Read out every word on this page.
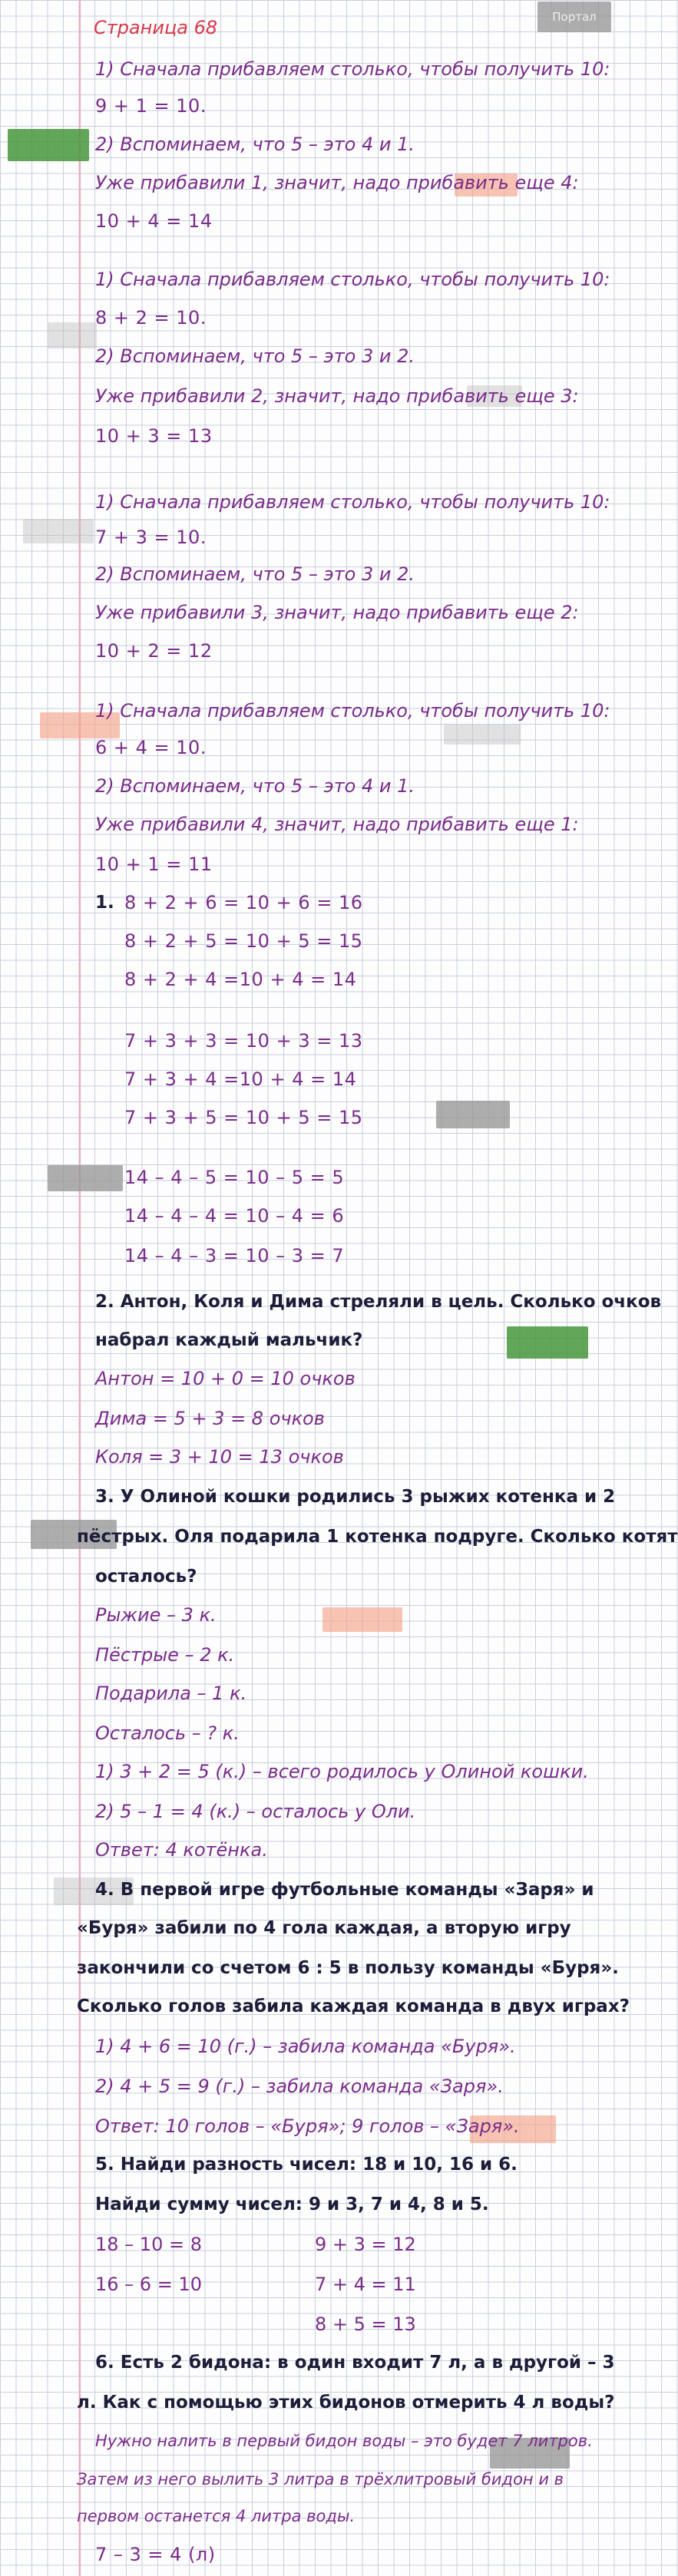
Портал
Страница 68
1) Сначала прибавляем столько, чтобы получить 10:
9 + 1 = 10.
2) Вспоминаем, что 5 – это 4 и 1.
Уже прибавили 1, значит, надо прибавить еще 4:
10 + 4 = 14
1) Сначала прибавляем столько, чтобы получить 10:
8 + 2 = 10.
2) Вспоминаем, что 5 – это 3 и 2.
Уже прибавили 2, значит, надо прибавить еще 3:
10 + 3 = 13
1) Сначала прибавляем столько, чтобы получить 10:
7 + 3 = 10.
2) Вспоминаем, что 5 – это 3 и 2.
Уже прибавили 3, значит, надо прибавить еще 2:
10 + 2 = 12
1) Сначала прибавляем столько, чтобы получить 10:
6 + 4 = 10.
2) Вспоминаем, что 5 – это 4 и 1.
Уже прибавили 4, значит, надо прибавить еще 1:
10 + 1 = 11
1. 8 + 2 + 6 = 10 + 6 = 16
8 + 2 + 5 = 10 + 5 = 15
8 + 2 + 4 =10 + 4 = 14
7 + 3 + 3 = 10 + 3 = 13
7 + 3 + 4 =10 + 4 = 14
7 + 3 + 5 = 10 + 5 = 15
14 – 4 – 5 = 10 – 5 = 5
14 – 4 – 4 = 10 – 4 = 6
14 – 4 – 3 = 10 – 3 = 7
2. Антон, Коля и Дима стреляли в цель. Сколько очков
набрал каждый мальчик?
Антон = 10 + 0 = 10 очков
Дима = 5 + 3 = 8 очков
Коля = 3 + 10 = 13 очков
3. У Олиной кошки родились 3 рыжих котенка и 2
пёстрых. Оля подарила 1 котенка подруге. Сколько котят
осталось?
Рыжие – 3 к.
Пёстрые – 2 к.
Подарила – 1 к.
Осталось – ? к.
1) 3 + 2 = 5 (к.) – всего родилось у Олиной кошки.
2) 5 – 1 = 4 (к.) – осталось у Оли.
Ответ: 4 котёнка.
4. В первой игре футбольные команды «Заря» и
«Буря» забили по 4 гола каждая, а вторую игру
закончили со счетом 6 : 5 в пользу команды «Буря».
Сколько голов забила каждая команда в двух играх?
1) 4 + 6 = 10 (г.) – забила команда «Буря».
2) 4 + 5 = 9 (г.) – забила команда «Заря».
Ответ: 10 голов – «Буря»; 9 голов – «Заря».
5. Найди разность чисел: 18 и 10, 16 и 6.
Найди сумму чисел: 9 и 3, 7 и 4, 8 и 5.
18 – 10 = 8
16 – 6 = 10
9 + 3 = 12
7 + 4 = 11
8 + 5 = 13
6. Есть 2 бидона: в один входит 7 л, а в другой – 3
л. Как с помощью этих бидонов отмерить 4 л воды?
Нужно налить в первый бидон воды – это будет 7 литров.
Затем из него вылить 3 литра в трёхлитровый бидон и в
первом останется 4 литра воды.
7 – 3 = 4 (л)
